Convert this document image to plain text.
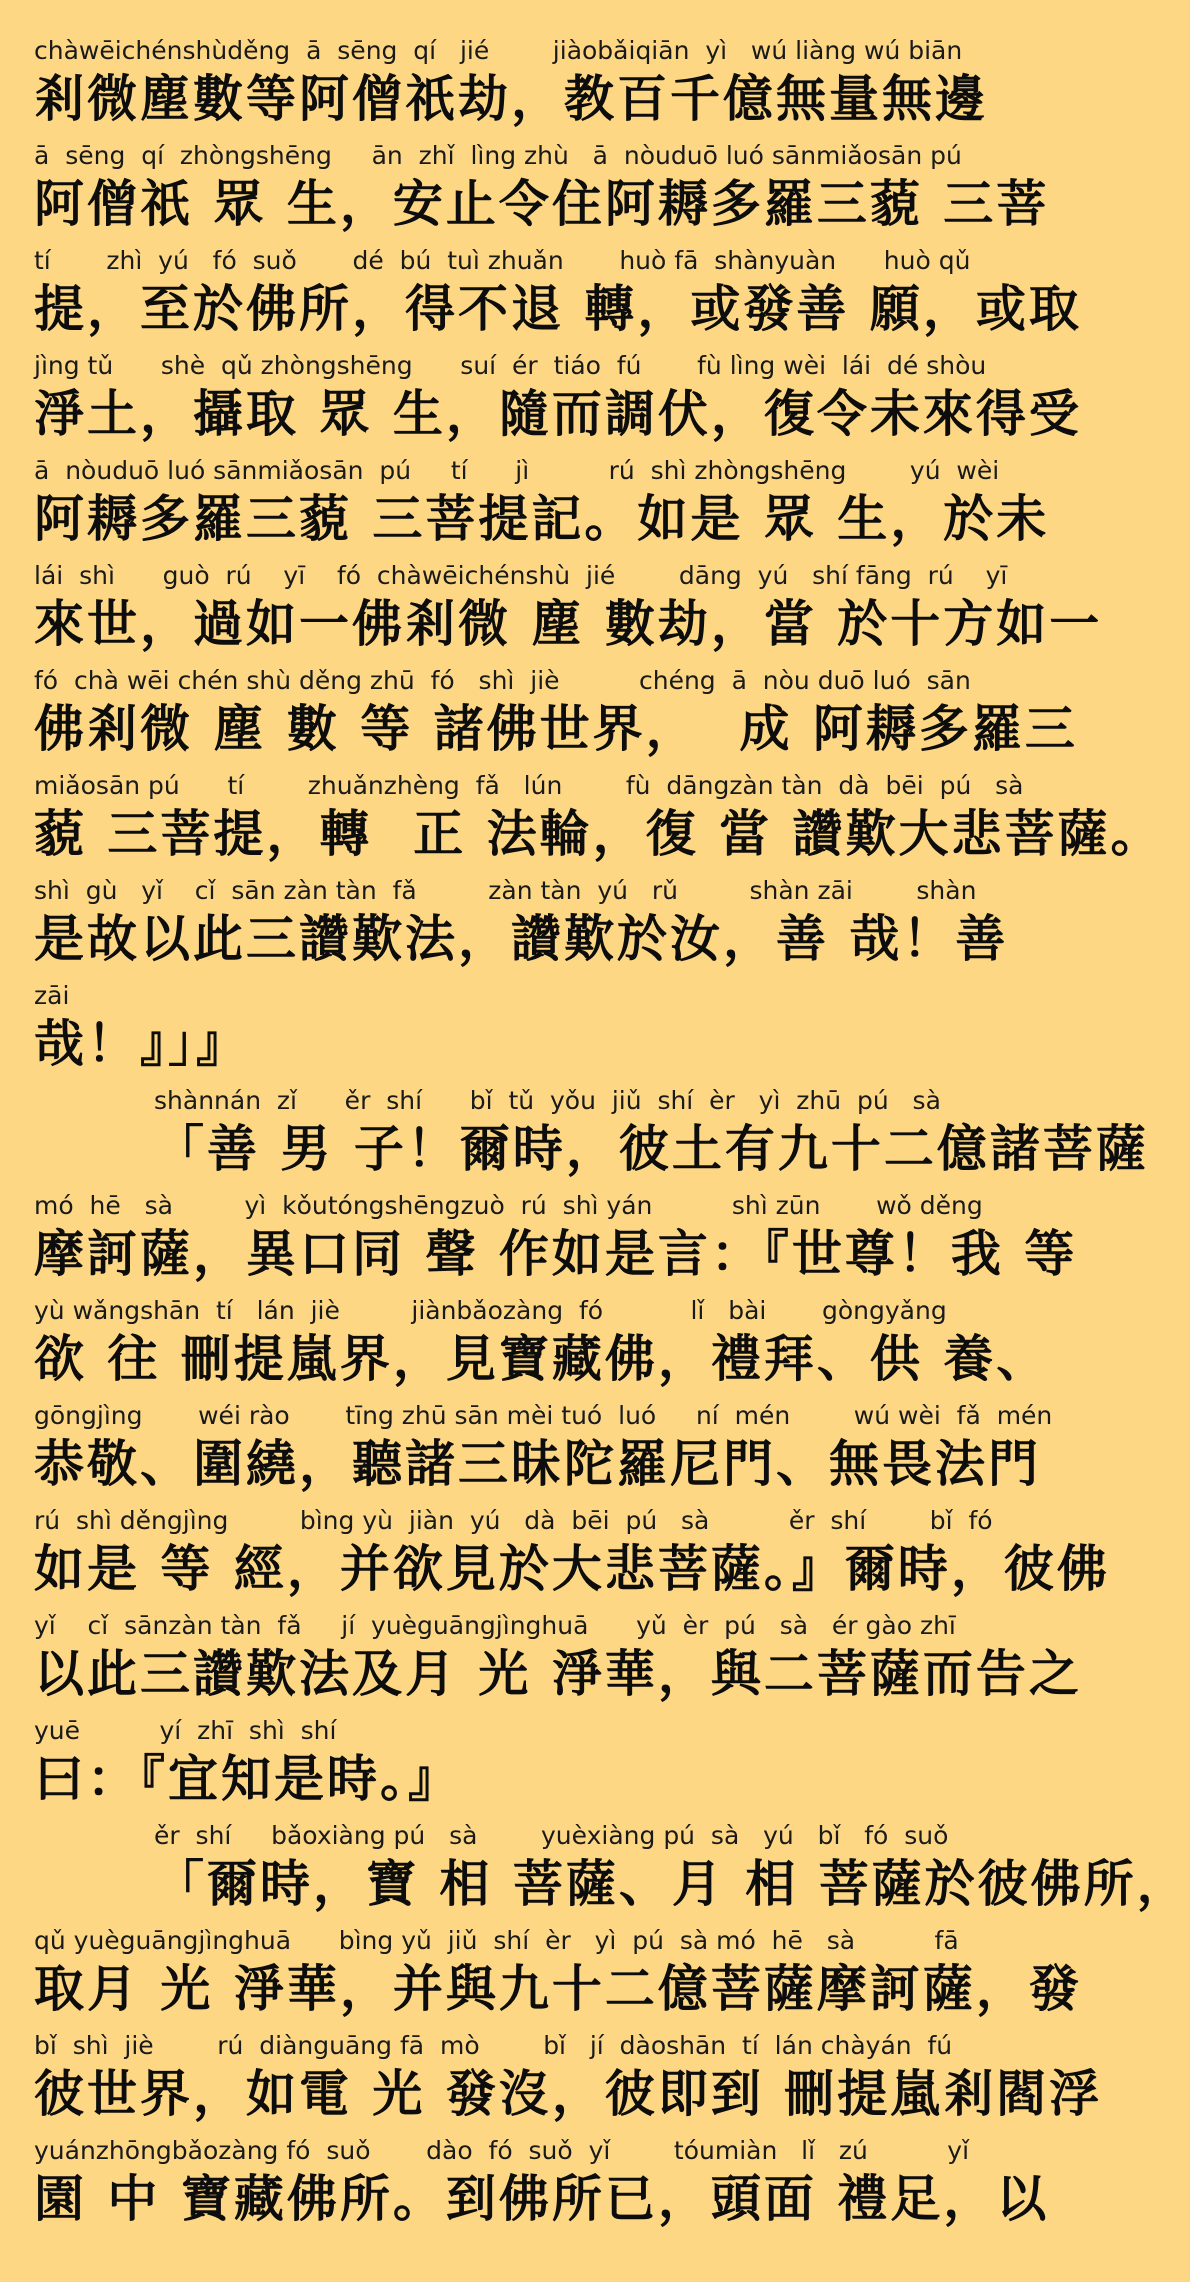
chàwēichénshùděng  ā  sēng  qí   jié        jiàobǎiqiān  yì   wú liàng wú biān
剎微塵數等阿僧祇劫，教百千億無量無邊
ā  sēng  qí  zhòngshēng     ān  zhǐ  lìng zhù   ā  nòuduō luó sānmiǎosān pú
阿僧祇 眾 生，安止令住阿耨多羅三藐 三菩
tí       zhì  yú   fó  suǒ       dé  bú  tuì zhuǎn       huò fā  shànyuàn      huò qǔ
提，至於佛所，得不退 轉，或發善 願，或取
jìng tǔ      shè  qǔ zhòngshēng      suí  ér  tiáo  fú       fù lìng wèi  lái  dé shòu
淨土，攝取 眾 生，隨而調伏，復令未來得受
ā  nòuduō luó sānmiǎosān  pú     tí      jì          rú  shì zhòngshēng        yú  wèi
阿耨多羅三藐 三菩提記。如是 眾 生，於未
lái  shì      guò  rú    yī    fó  chàwēichénshù  jié        dāng  yú   shí fāng  rú    yī
來世，過如一佛剎微 塵 數劫，當 於十方如一
fó  chà wēi chén shù děng zhū  fó   shì  jiè          chéng  ā  nòu duō luó  sān
佛剎微 塵 數 等 諸佛世界，  成 阿耨多羅三
miǎosān pú      tí        zhuǎnzhèng  fǎ   lún        fù  dāngzàn tàn  dà  bēi  pú   sà
藐 三菩提，轉  正 法輪，復 當 讚歎大悲菩薩。
shì  gù   yǐ    cǐ  sān zàn tàn  fǎ         zàn tàn  yú   rǔ         shàn zāi        shàn
是故以此三讚歎法，讚歎於汝，善 哉！善
zāi
哉！』」』
shànnán  zǐ      ěr  shí      bǐ  tǔ  yǒu  jiǔ  shí  èr   yì  zhū  pú   sà
「善 男 子！爾時，彼土有九十二億諸菩薩
mó  hē   sà         yì  kǒutóngshēngzuò  rú  shì yán          shì zūn       wǒ děng
摩訶薩，異口同 聲 作如是言：『世尊！我 等
yù wǎngshān  tí   lán  jiè         jiànbǎozàng  fó           lǐ   bài       gòngyǎng
欲 往 刪提嵐界，見寶藏佛，禮拜、供 養、
gōngjìng       wéi rào       tīng zhū sān mèi tuó  luó     ní  mén        wú wèi  fǎ  mén
恭敬、圍繞，聽諸三昧陀羅尼門、無畏法門
rú  shì děngjìng         bìng yù  jiàn  yú   dà  bēi  pú   sà          ěr  shí        bǐ  fó
如是 等 經，并欲見於大悲菩薩。』爾時，彼佛
yǐ    cǐ  sānzàn tàn  fǎ     jí  yuèguāngjìnghuā      yǔ  èr  pú   sà   ér gào zhī
以此三讚歎法及月 光 淨華，與二菩薩而告之
yuē          yí  zhī  shì  shí
曰：『宜知是時。』
ěr  shí     bǎoxiàng pú   sà        yuèxiàng pú  sà   yú   bǐ   fó  suǒ
「爾時，寶 相 菩薩、月 相 菩薩於彼佛所，
qǔ yuèguāngjìnghuā      bìng yǔ  jiǔ  shí  èr   yì  pú  sà mó  hē   sà          fā
取月 光 淨華，并與九十二億菩薩摩訶薩，發
bǐ  shì  jiè        rú  diànguāng fā  mò        bǐ   jí  dàoshān  tí  lán chàyán  fú
彼世界，如電 光 發沒，彼即到 刪提嵐剎閻浮
yuánzhōngbǎozàng fó  suǒ       dào  fó  suǒ  yǐ        tóumiàn   lǐ   zú          yǐ
園 中 寶藏佛所。到佛所已，頭面 禮足，以
